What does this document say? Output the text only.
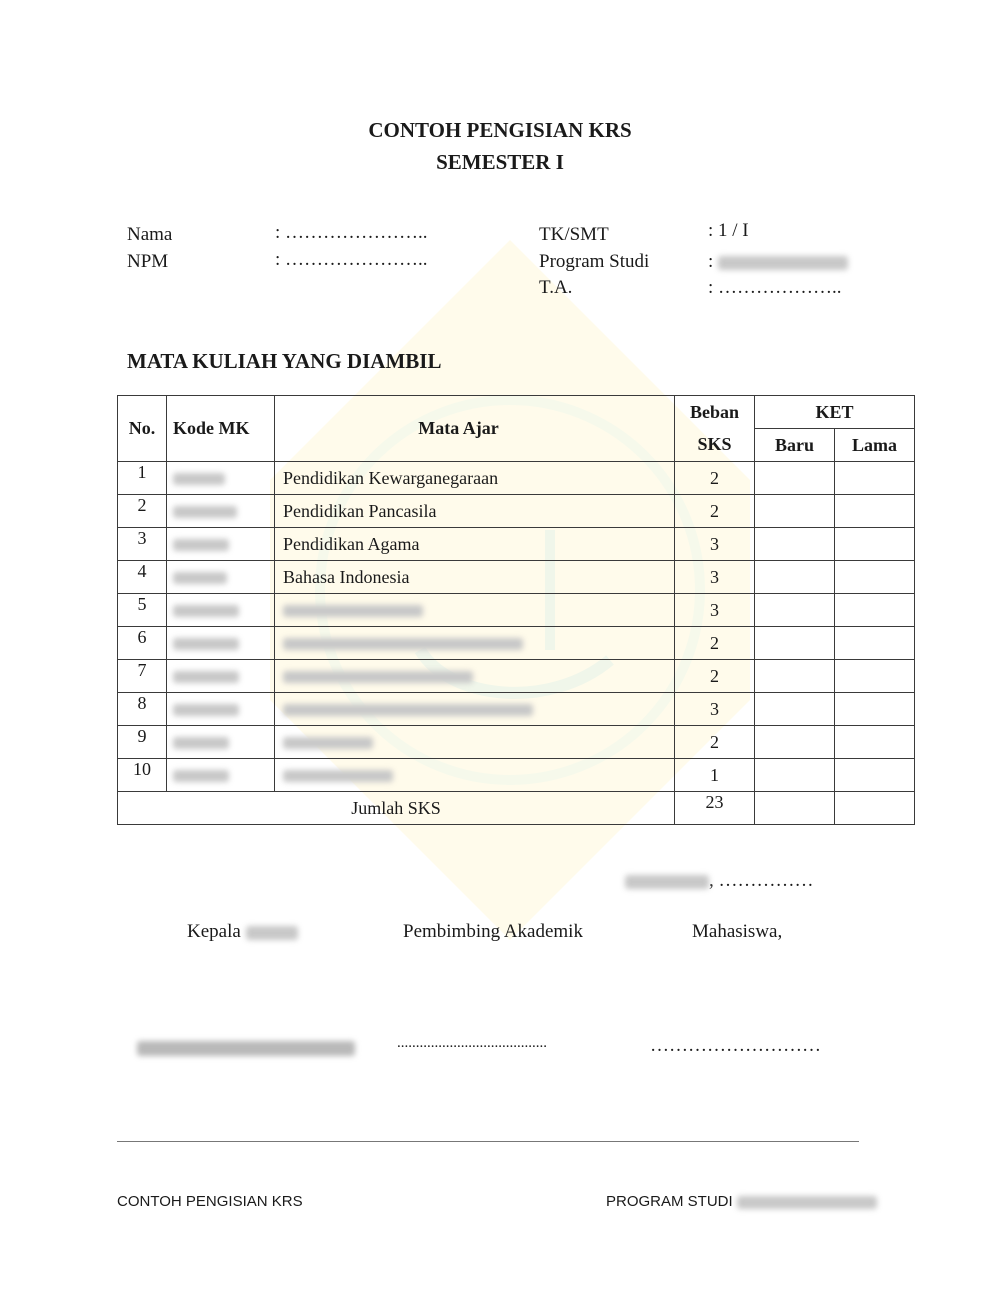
CONTOH PENGISIAN KRS
SEMESTER I
Nama	: …………………..
NPM	: …………………..
TK/SMT	: 1 / I
Program Studi	:
T.A.	: ………………..
MATA KULIAH YANG DIAMBIL
No.	Kode MK	Mata Ajar	Beban	KET	
			SKS	Baru	Lama
1		Pendidikan Kewarganegaraan	2		
2		Pendidikan Pancasila	2		
3		Pendidikan Agama	3		
4		Bahasa Indonesia	3		
5			3		
6			2		
7			2		
8			3		
9			2		
10			1		
Jumlah SKS			23		
, ……………
Kepala	Pembimbing Akademik	Mahasiswa,
........................................	………………………
CONTOH PENGISIAN KRS	PROGRAM STUDI
